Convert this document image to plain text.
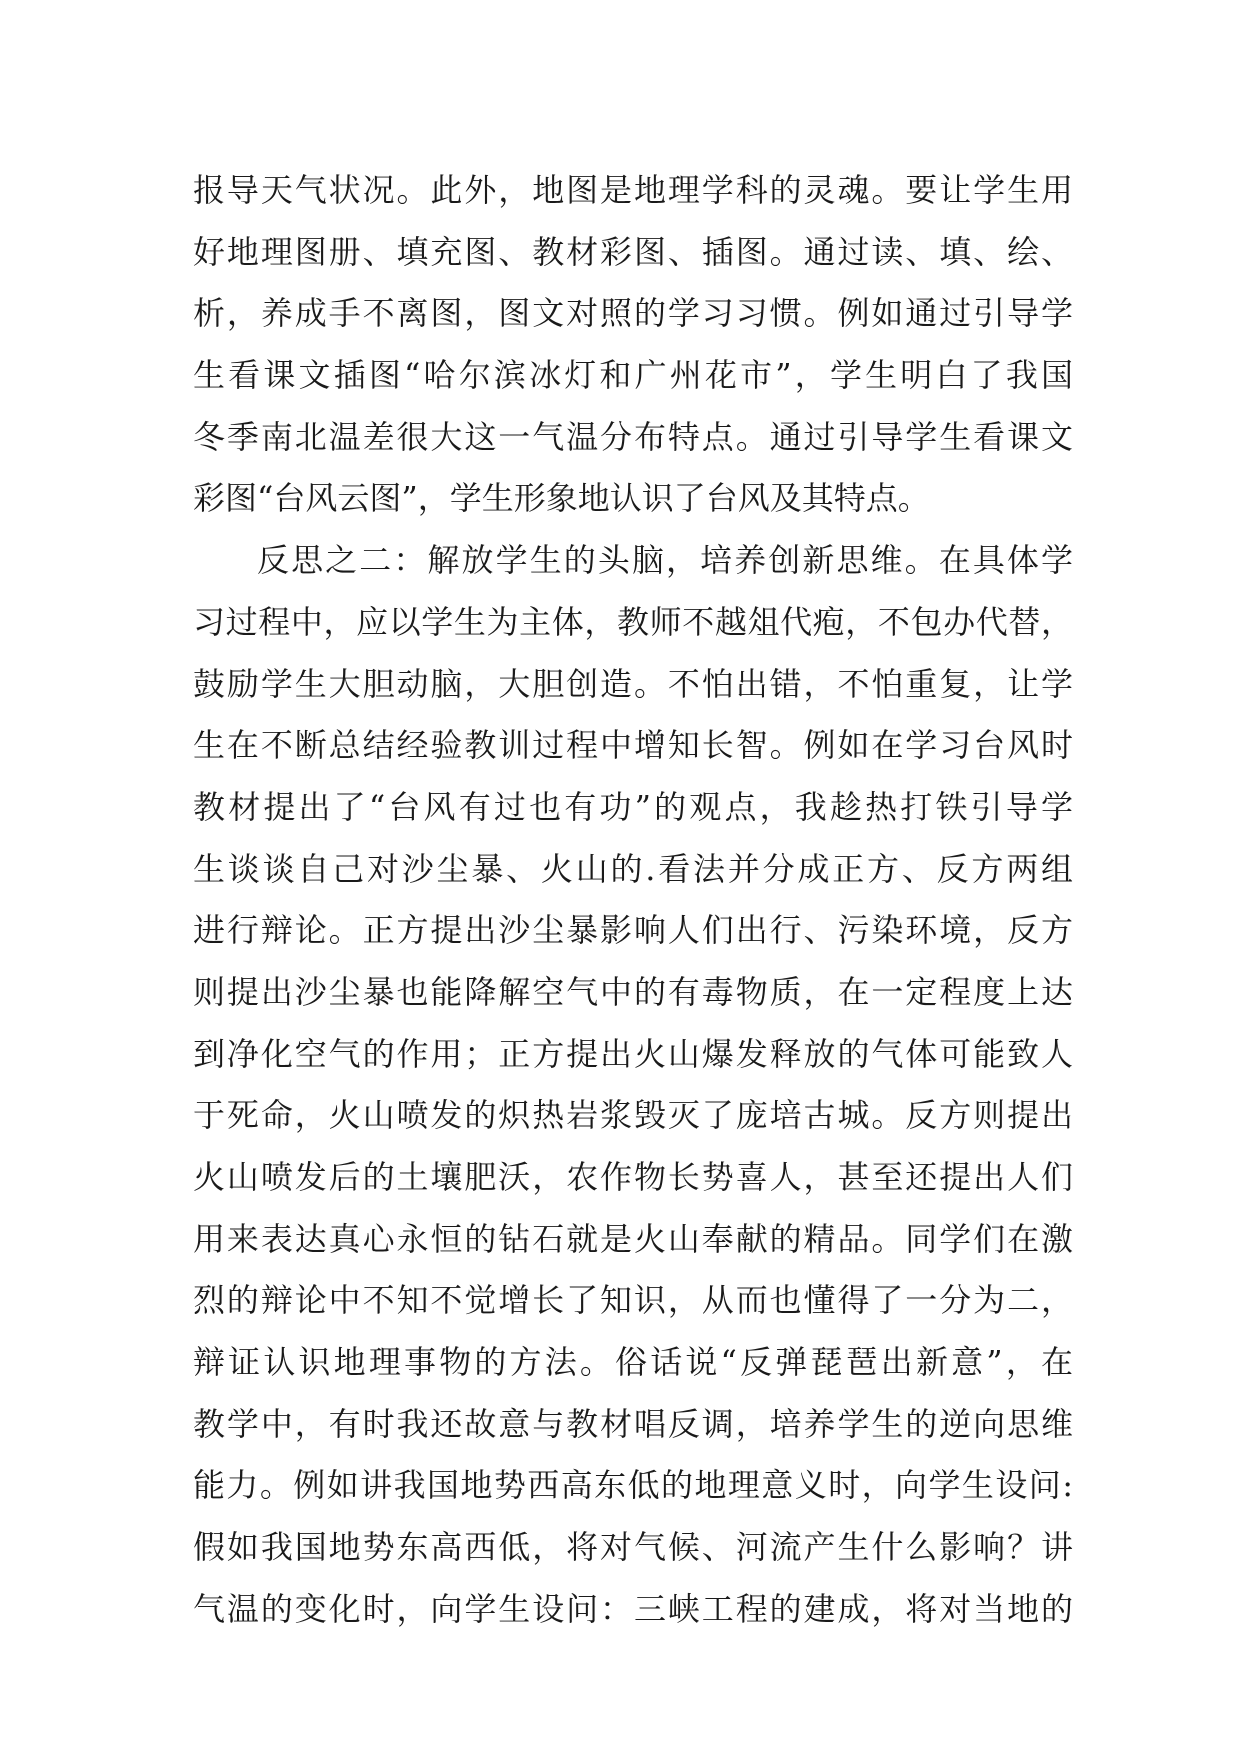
报导天气状况。此外，地图是地理学科的灵魂。要让学生用
好地理图册、填充图、教材彩图、插图。通过读、填、绘、
析，养成手不离图，图文对照的学习习惯。例如通过引导学
生看课文插图“哈尔滨冰灯和广州花市”，学生明白了我国
冬季南北温差很大这一气温分布特点。通过引导学生看课文
彩图“台风云图”，学生形象地认识了台风及其特点。
反思之二：解放学生的头脑，培养创新思维。在具体学
习过程中，应以学生为主体，教师不越俎代疱，不包办代替，
鼓励学生大胆动脑，大胆创造。不怕出错，不怕重复，让学
生在不断总结经验教训过程中增知长智。例如在学习台风时
教材提出了“台风有过也有功”的观点，我趁热打铁引导学
生谈谈自己对沙尘暴、火山的.看法并分成正方、反方两组
进行辩论。正方提出沙尘暴影响人们出行、污染环境，反方
则提出沙尘暴也能降解空气中的有毒物质，在一定程度上达
到净化空气的作用；正方提出火山爆发释放的气体可能致人
于死命，火山喷发的炽热岩浆毁灭了庞培古城。反方则提出
火山喷发后的土壤肥沃，农作物长势喜人，甚至还提出人们
用来表达真心永恒的钻石就是火山奉献的精品。同学们在激
烈的辩论中不知不觉增长了知识，从而也懂得了一分为二，
辩证认识地理事物的方法。俗话说“反弹琵琶出新意”，在
教学中，有时我还故意与教材唱反调，培养学生的逆向思维
能力。例如讲我国地势西高东低的地理意义时，向学生设问:
假如我国地势东高西低，将对气候、河流产生什么影响？讲
气温的变化时，向学生设问：三峡工程的建成，将对当地的
